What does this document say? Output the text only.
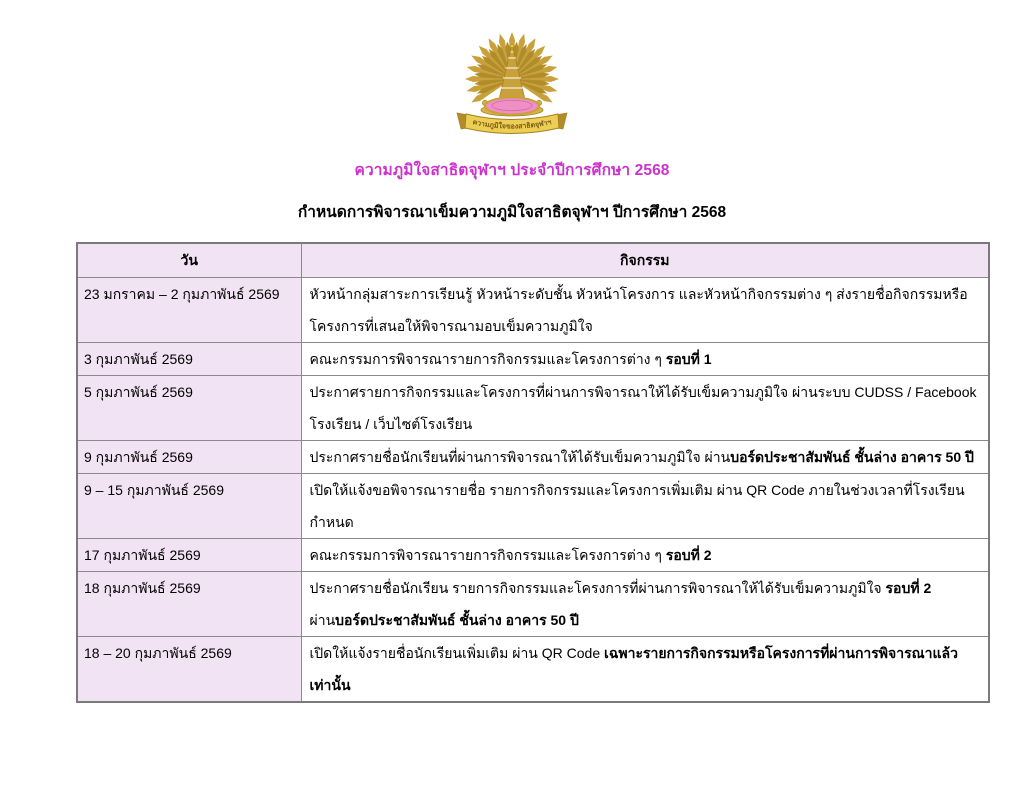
ความภูมิใจของสาธิตจุฬาฯ
ความภูมิใจสาธิตจุฬาฯ ประจำปีการศึกษา 2568
กำหนดการพิจารณาเข็มความภูมิใจสาธิตจุฬาฯ ปีการศึกษา 2568
วัน	กิจกรรม
23 มกราคม – 2 กุมภาพันธ์ 2569	หัวหน้ากลุ่มสาระการเรียนรู้ หัวหน้าระดับชั้น หัวหน้าโครงการ และหัวหน้ากิจกรรมต่าง ๆ ส่งรายชื่อกิจกรรมหรือ
โครงการที่เสนอให้พิจารณามอบเข็มความภูมิใจ

3 กุมภาพันธ์ 2569	คณะกรรมการพิจารณารายการกิจกรรมและโครงการต่าง ๆ รอบที่ 1

5 กุมภาพันธ์ 2569	ประกาศรายการกิจกรรมและโครงการที่ผ่านการพิจารณาให้ได้รับเข็มความภูมิใจ ผ่านระบบ CUDSS / Facebook
โรงเรียน / เว็บไซต์โรงเรียน

9 กุมภาพันธ์ 2569	ประกาศรายชื่อนักเรียนที่ผ่านการพิจารณาให้ได้รับเข็มความภูมิใจ ผ่านบอร์ดประชาสัมพันธ์ ชั้นล่าง อาคาร 50 ปี

9 – 15 กุมภาพันธ์ 2569	เปิดให้แจ้งขอพิจารณารายชื่อ รายการกิจกรรมและโครงการเพิ่มเติม ผ่าน QR Code ภายในช่วงเวลาที่โรงเรียนกำหนด

17 กุมภาพันธ์ 2569	คณะกรรมการพิจารณารายการกิจกรรมและโครงการต่าง ๆ รอบที่ 2

18 กุมภาพันธ์ 2569	ประกาศรายชื่อนักเรียน รายการกิจกรรมและโครงการที่ผ่านการพิจารณาให้ได้รับเข็มความภูมิใจ รอบที่ 2
ผ่านบอร์ดประชาสัมพันธ์ ชั้นล่าง อาคาร 50 ปี

18 – 20 กุมภาพันธ์ 2569	เปิดให้แจ้งรายชื่อนักเรียนเพิ่มเติม ผ่าน QR Code เฉพาะรายการกิจกรรมหรือโครงการที่ผ่านการพิจารณาแล้วเท่านั้น
